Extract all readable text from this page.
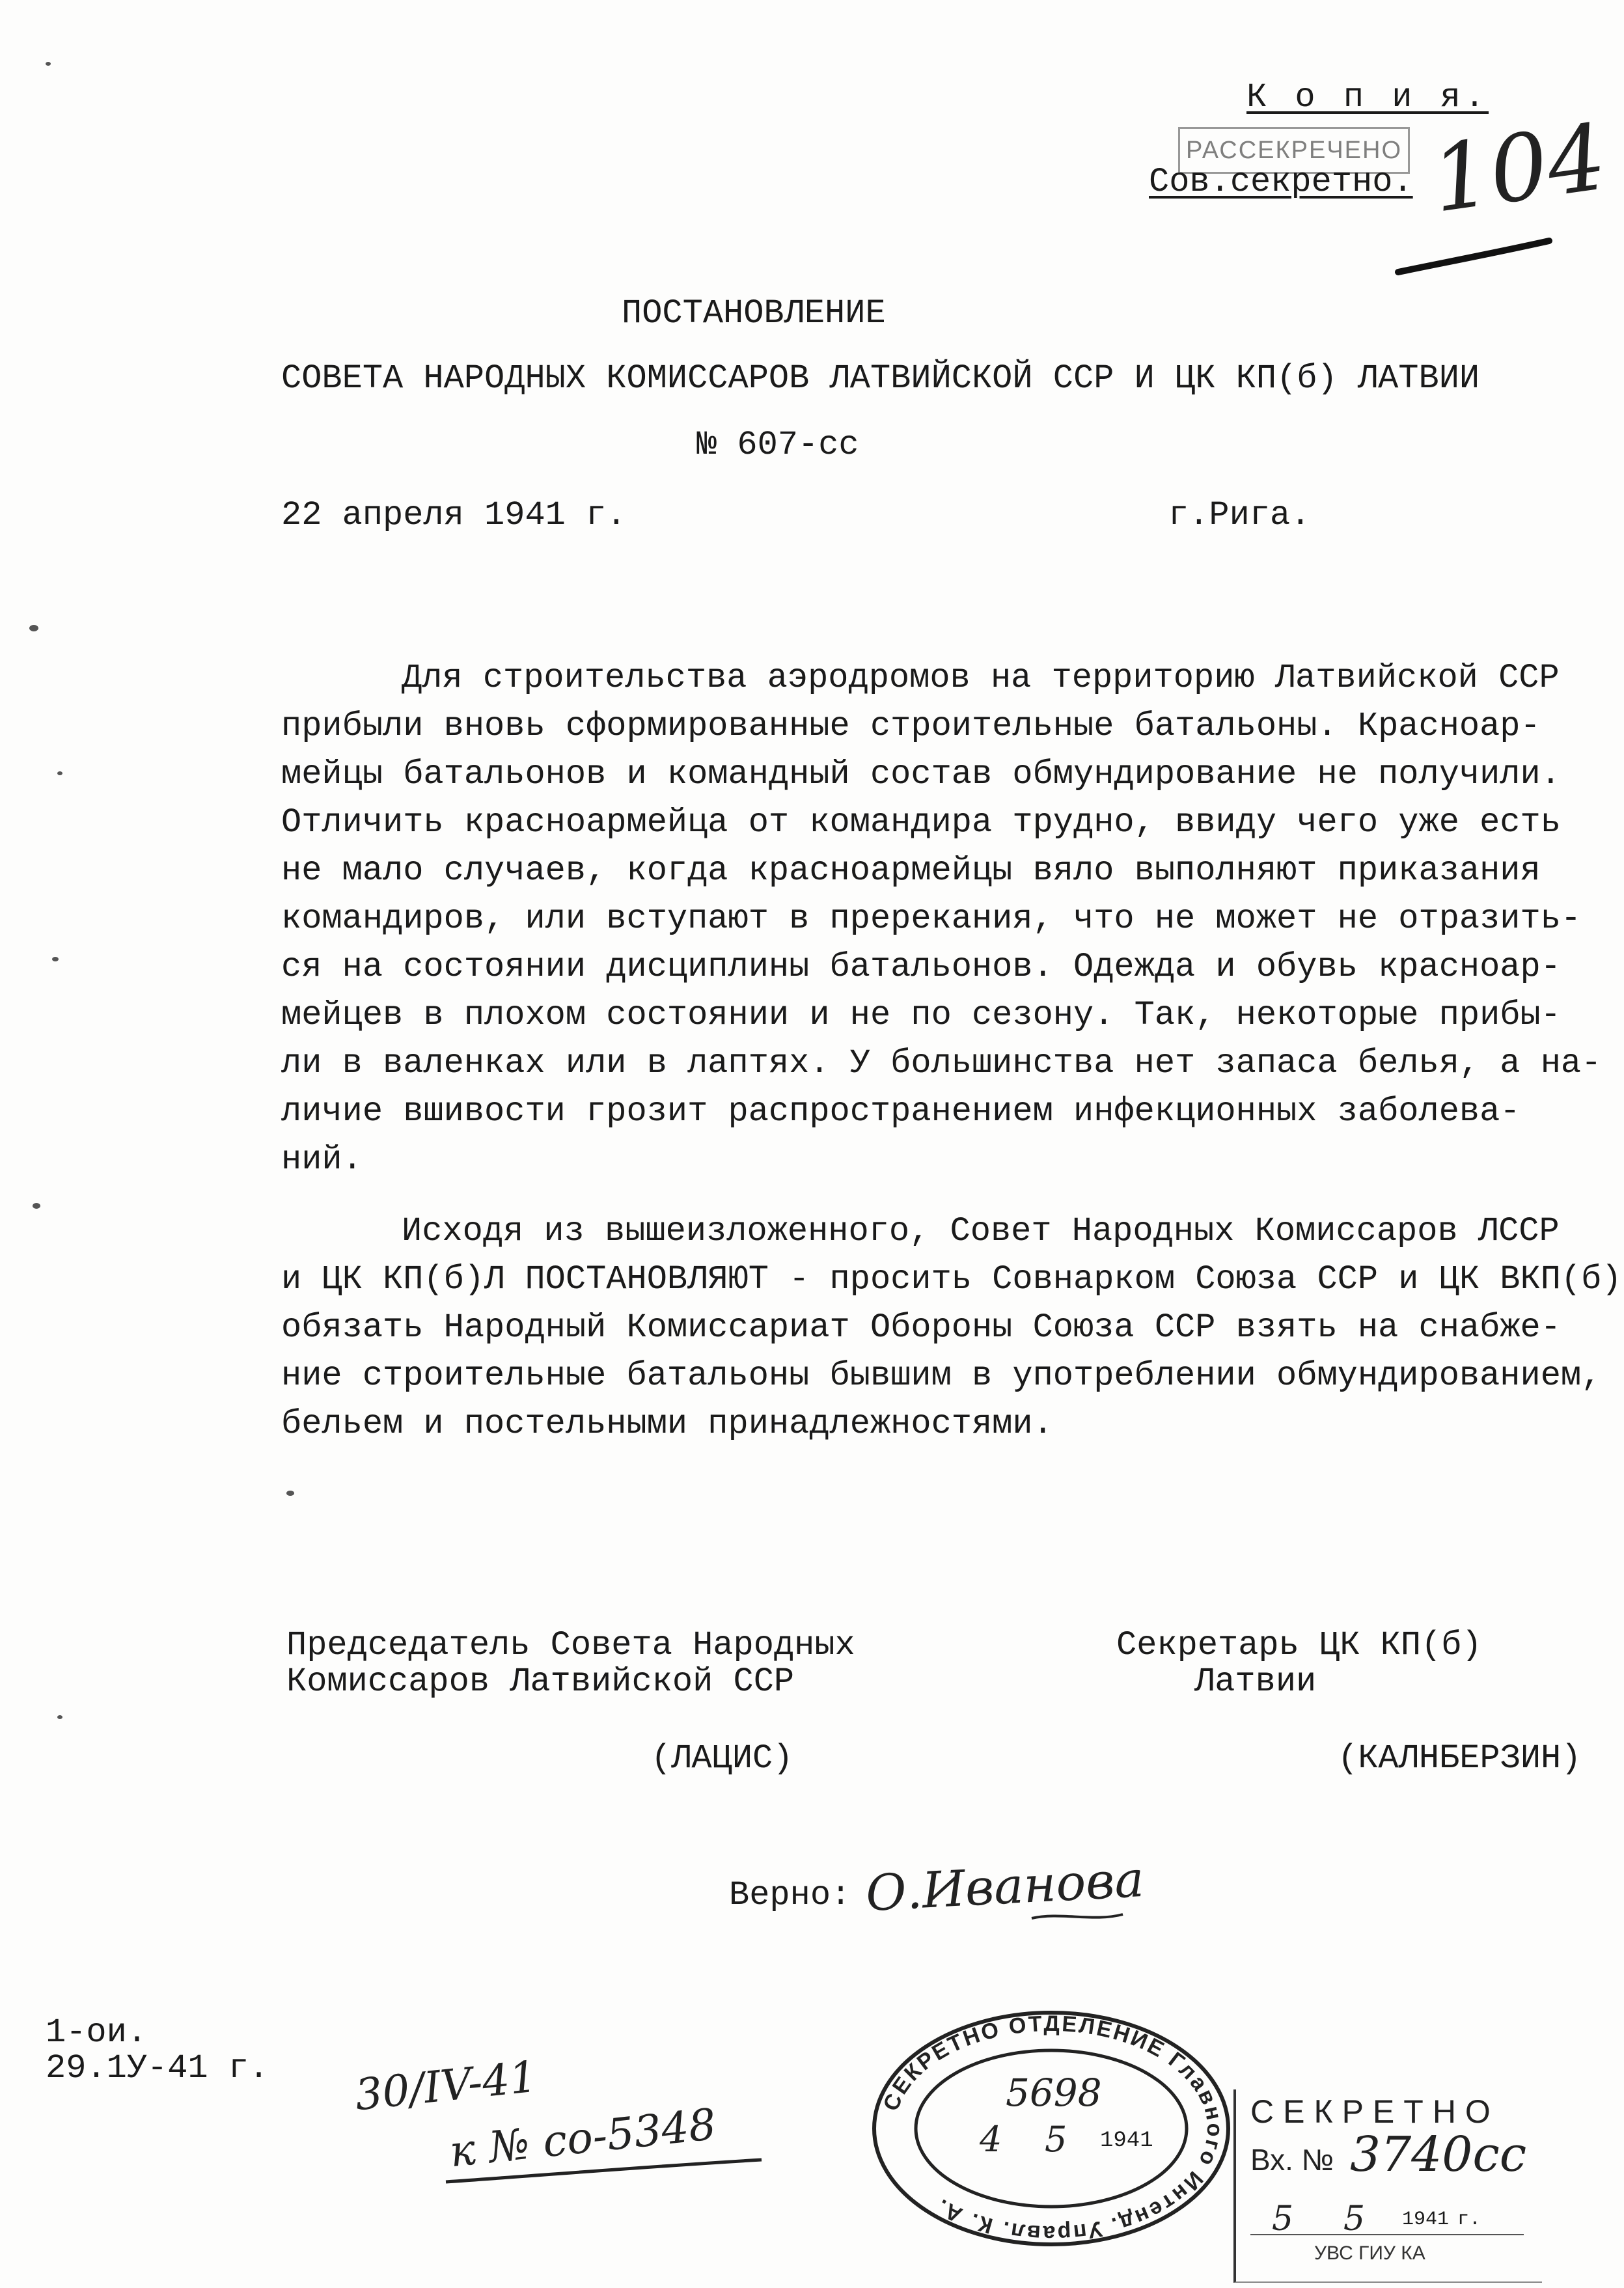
К о п и я.
РАССЕКРЕЧЕНО
Сов.секретно. 104
ПОСТАНОВЛЕНИЕ
СОВЕТА НАРОДНЫХ КОМИССАРОВ ЛАТВИЙСКОЙ ССР И ЦК КП(б) ЛАТВИИ
№ 607-сс
22 апреля 1941 г.	г.Рига.
Для строительства аэродромов на территорию Латвийской ССР
прибыли вновь сформированные строительные батальоны. Красноар-
мейцы батальонов и командный состав обмундирование не получили.
Отличить красноармейца от командира трудно, ввиду чего уже есть
не мало случаев, когда красноармейцы вяло выполняют приказания
командиров, или вступают в пререкания, что не может не отразить-
ся на состоянии дисциплины батальонов. Одежда и обувь красноар-
мейцев в плохом состоянии и не по сезону. Так, некоторые прибы-
ли в валенках или в лаптях. У большинства нет запаса белья, а на-
личие вшивости грозит распространением инфекционных заболева-
ний.
Исходя из вышеизложенного, Совет Народных Комиссаров ЛССР
и ЦК КП(б)Л ПОСТАНОВЛЯЮТ - просить Совнарком Союза ССР и ЦК ВКП(б)
обязать Народный Комиссариат Обороны Союза ССР взять на снабже-
ние строительные батальоны бывшим в употреблении обмундированием,
бельем и постельными принадлежностями.
Председатель Совета Народных
Комиссаров Латвийской ССР
Секретарь ЦК КП(б)
Латвии
(ЛАЦИС)	(КАЛНБЕРЗИН)
Верно: О.Иванова
1-ои.
29.1У-41 г. 30/IV-41
к № со-5348	СЕКРЕТНО ОТДЕЛЕНИЕ Главного Интенд. Управл. К. А.
5698
4 5 1941
СЕКРЕТНО
Вх. № 3740сс
5 5 1941 г.
УВС ГИУ КА
